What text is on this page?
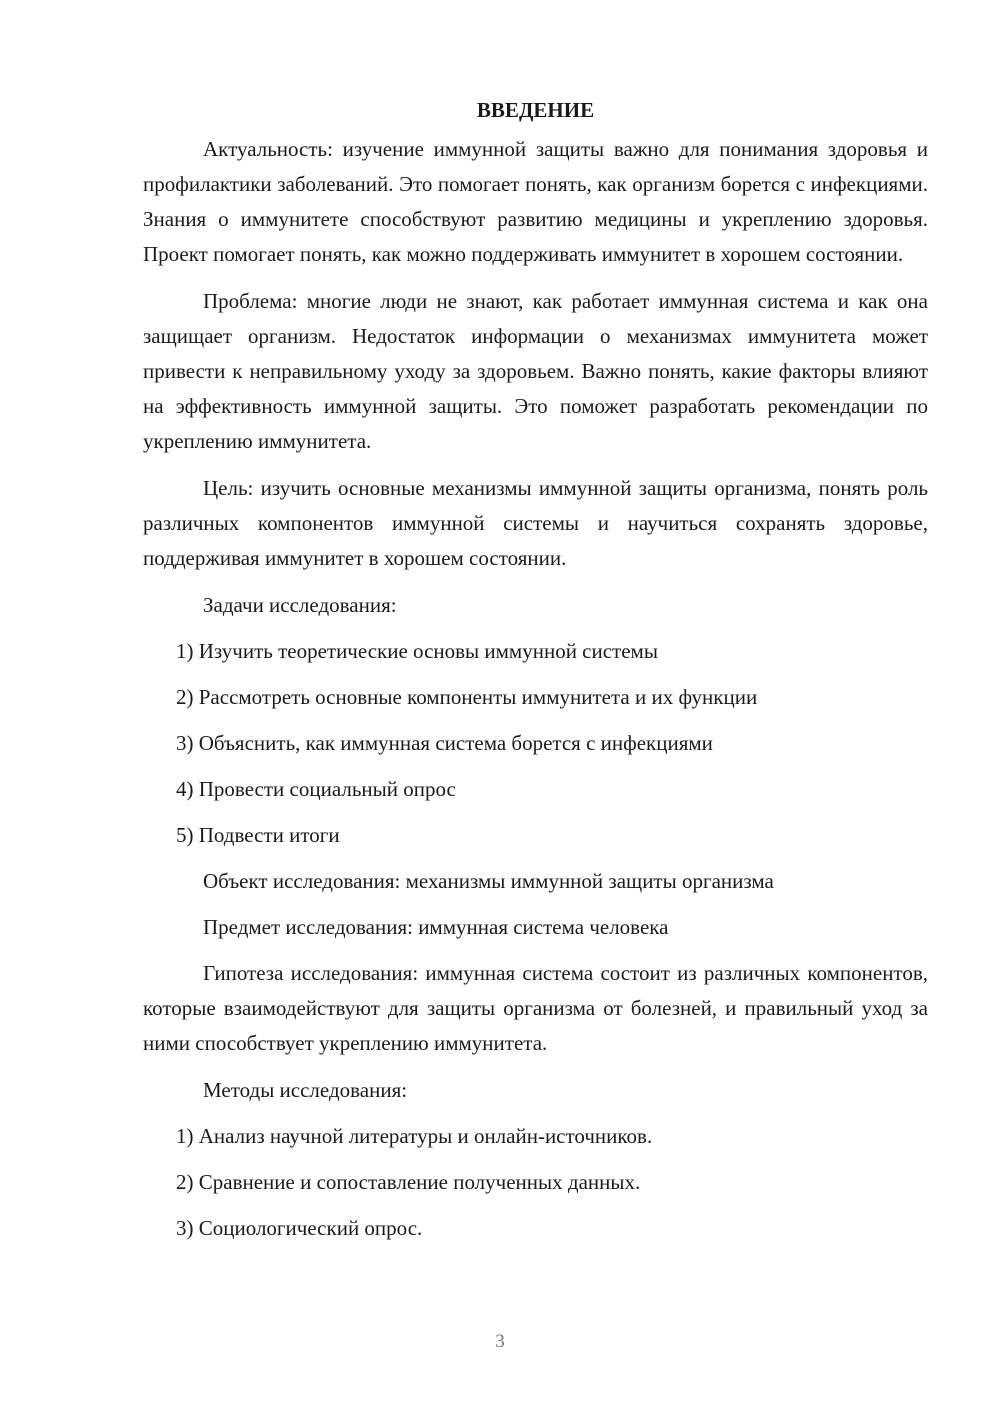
ВВЕДЕНИЕ

Актуальность: изучение иммунной защиты важно для понимания здоровья и профилактики заболеваний. Это помогает понять, как организм борется с инфекциями. Знания о иммунитете способствуют развитию медицины и укреплению здоровья. Проект помогает понять, как можно поддерживать иммунитет в хорошем состоянии.

Проблема: многие люди не знают, как работает иммунная система и как она защищает организм. Недостаток информации о механизмах иммунитета может привести к неправильному уходу за здоровьем. Важно понять, какие факторы влияют на эффективность иммунной защиты. Это поможет разработать рекомендации по укреплению иммунитета.

Цель: изучить основные механизмы иммунной защиты организма, понять роль различных компонентов иммунной системы и научиться сохранять здоровье, поддерживая иммунитет в хорошем состоянии.

Задачи исследования:

1) Изучить теоретические основы иммунной системы
2) Рассмотреть основные компоненты иммунитета и их функции
3) Объяснить, как иммунная система борется с инфекциями
4) Провести социальный опрос
5) Подвести итоги

Объект исследования: механизмы иммунной защиты организма

Предмет исследования: иммунная система человека

Гипотеза исследования: иммунная система состоит из различных компонентов, которые взаимодействуют для защиты организма от болезней, и правильный уход за ними способствует укреплению иммунитета.

Методы исследования:

1) Анализ научной литературы и онлайн-источников.
2) Сравнение и сопоставление полученных данных.
3) Социологический опрос.
3
